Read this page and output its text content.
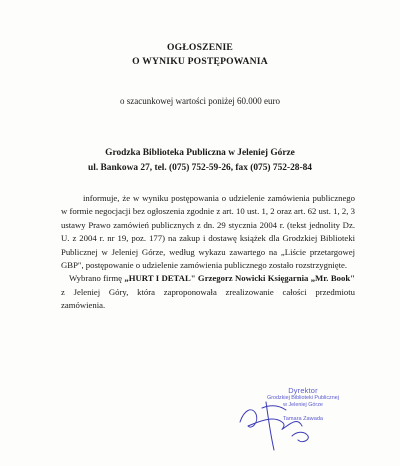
OGŁOSZENIE
O WYNIKU POSTĘPOWANIA
o szacunkowej wartości poniżej 60.000 euro
Grodzka Biblioteka Publiczna w Jeleniej Górze
ul. Bankowa 27, tel. (075) 752-59-26, fax (075) 752-28-84

informuje, że w wyniku postępowania o udzielenie zamówienia publicznego w formie negocjacji bez ogłoszenia zgodnie z art. 10 ust. 1, 2 oraz art. 62 ust. 1, 2, 3 ustawy Prawo zamówień publicznych z dn. 29 stycznia 2004 r. (tekst jednolity Dz. U. z 2004 r. nr 19, poz. 177) na zakup i dostawę książek dla Grodzkiej Biblioteki Publicznej w Jeleniej Górze, według wykazu zawartego na „Liście przetargowej GBP", postępowanie o udzielenie zamówienia publicznego zostało rozstrzygnięte.

Wybrano firmę „HURT I DETAL" Grzegorz Nowicki Księgarnia „Mr. Book" z Jeleniej Góry, która zaproponowała zrealizowanie całości przedmiotu zamówienia.

Dyrektor
Grodzkiej Biblioteki Publicznej
w Jeleniej Górze
Tamara Zawada
